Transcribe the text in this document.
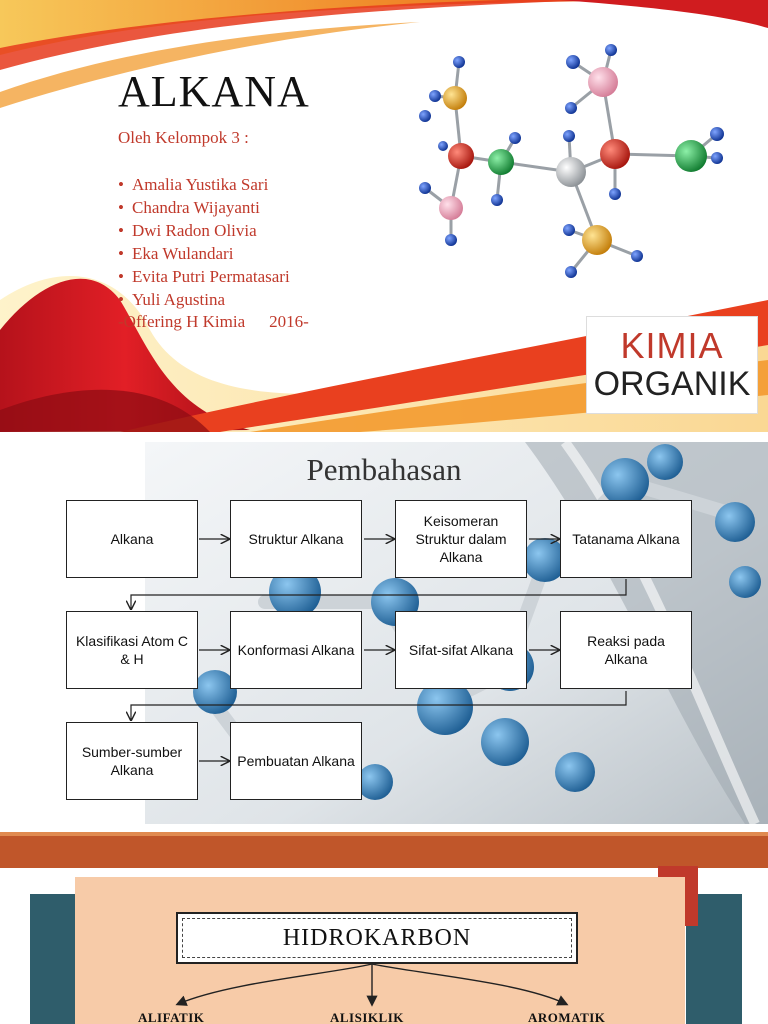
ALKANA
Oleh Kelompok 3 :
• Amalia Yustika Sari
• Chandra Wijayanti
• Dwi Radon Olivia
• Eka Wulandari
• Evita Putri Permatasari
• Yuli Agustina
-Offering H Kimia 2016-
KIMIA
ORGANIK
Pembahasan
Alkana	Struktur Alkana
Keisomeran Struktur dalam Alkana
Tatanama Alkana
Klasifikasi Atom C & H
Konformasi Alkana	Sifat-sifat Alkana
Reaksi pada Alkana
Sumber-sumber Alkana
Pembuatan Alkana
HIDROKARBON
ALIFATIK	ALISIKLIK	AROMATIK
